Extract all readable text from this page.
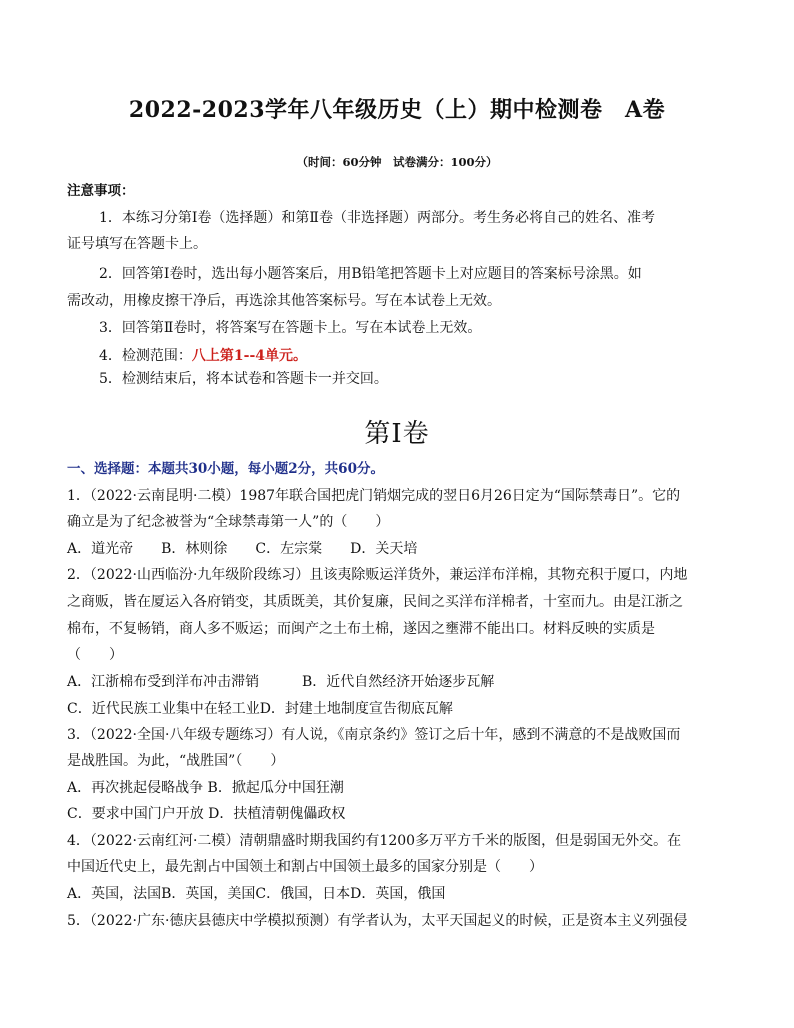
2022-2023学年八年级历史（上）期中检测卷　A卷
（时间：60分钟　试卷满分：100分）
注意事项：
1．本练习分第Ⅰ卷（选择题）和第Ⅱ卷（非选择题）两部分。考生务必将自己的姓名、准考
证号填写在答题卡上。
2．回答第Ⅰ卷时，选出每小题答案后，用B铅笔把答题卡上对应题目的答案标号涂黑。如
需改动，用橡皮擦干净后，再选涂其他答案标号。写在本试卷上无效。
3．回答第Ⅱ卷时，将答案写在答题卡上。写在本试卷上无效。
4．检测范围：八上第1--4单元。
5．检测结束后，将本试卷和答题卡一并交回。
第Ⅰ卷
一、选择题：本题共30小题，每小题2分，共60分。
1．（2022·云南昆明·二模）1987年联合国把虎门销烟完成的翌日6月26日定为“国际禁毒日”。它的
确立是为了纪念被誉为“全球禁毒第一人”的（　　）
A．道光帝　　B．林则徐　　C．左宗棠　　D．关天培
2．（2022·山西临汾·九年级阶段练习）且该夷除贩运洋货外，兼运洋布洋棉，其物充积于厦口，内地
之商贩，皆在厦运入各府销变，其质既美，其价复廉，民间之买洋布洋棉者，十室而九。由是江浙之
棉布，不复畅销，商人多不贩运；而闽产之土布土棉，遂因之壅滞不能出口。材料反映的实质是
（　　）
A．江浙棉布受到洋布冲击滞销	B．近代自然经济开始逐步瓦解
C．近代民族工业集中在轻工业D．封建土地制度宣告彻底瓦解
3．（2022·全国·八年级专题练习）有人说，《南京条约》签订之后十年，感到不满意的不是战败国而
是战胜国。为此，“战胜国”（　　）
A．再次挑起侵略战争 B．掀起瓜分中国狂潮
C．要求中国门户开放 D．扶植清朝傀儡政权
4．（2022·云南红河·二模）清朝鼎盛时期我国约有1200多万平方千米的版图，但是弱国无外交。在
中国近代史上，最先割占中国领土和割占中国领土最多的国家分别是（　　）
A．英国，法国B．英国，美国C．俄国，日本D．英国，俄国
5．（2022·广东·德庆县德庆中学模拟预测）有学者认为，太平天国起义的时候，正是资本主义列强侵
